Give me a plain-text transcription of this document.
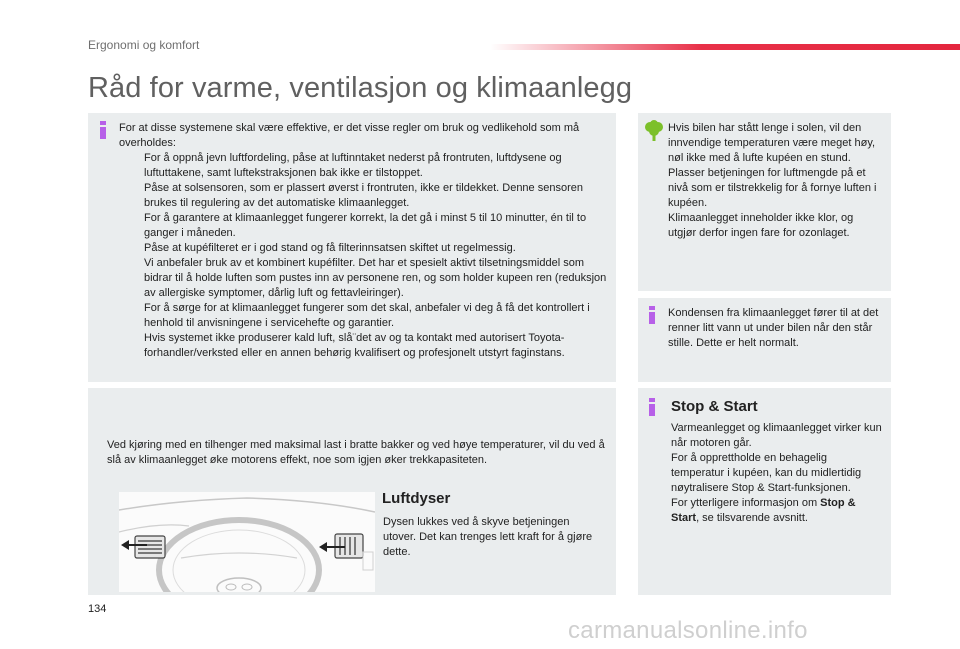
Ergonomi og komfort
Råd for varme, ventilasjon og klimaanlegg
For at disse systemene skal være effektive, er det visse regler om bruk og vedlikehold som må overholdes:
For å oppnå jevn luftfordeling, påse at luftinntaket nederst på frontruten, luftdysene og luftuttakene, samt luftekstraksjonen bak ikke er tilstoppet.
Påse at solsensoren, som er plassert øverst i frontruten, ikke er tildekket. Denne sensoren brukes til regulering av det automatiske klimaanlegget.
For å garantere at klimaanlegget fungerer korrekt, la det gå i minst 5 til 10 minutter, én til to ganger i måneden.
Påse at kupéfilteret er i god stand og få filterinnsatsen skiftet ut regelmessig.
Vi anbefaler bruk av et kombinert kupéfilter. Det har et spesielt aktivt tilsetningsmiddel som bidrar til å holde luften som pustes inn av personene ren, og som holder kupeen ren (reduksjon av allergiske symptomer, dårlig luft og fettavleiringer).
For å sørge for at klimaanlegget fungerer som det skal, anbefaler vi deg å få det kontrollert i henhold til anvisningene i servicehefte og garantier.
Hvis systemet ikke produserer kald luft, slå¨det av og ta kontakt med autorisert Toyota-forhandler/verksted eller en annen behørig kvalifisert og profesjonelt utstyrt faginstans.
Ved kjøring med en tilhenger med maksimal last i bratte bakker og ved høye temperaturer, vil du ved å slå av klimaanlegget øke motorens effekt, noe som igjen øker trekkapasiteten.
Luftdyser
Dysen lukkes ved å skyve betjeningen utover. Det kan trenges lett kraft for å gjøre dette.
Hvis bilen har stått lenge i solen, vil den innvendige temperaturen være meget høy, nøl ikke med å lufte kupéen en stund.
Plasser betjeningen for luftmengde på et nivå som er tilstrekkelig for å fornye luften i kupéen.
Klimaanlegget inneholder ikke klor, og utgjør derfor ingen fare for ozonlaget.
Kondensen fra klimaanlegget fører til at det renner litt vann ut under bilen når den står stille. Dette er helt normalt.
Stop & Start
Varmeanlegget og klimaanlegget virker kun når motoren går.
For å opprettholde en behagelig temperatur i kupéen, kan du midlertidig nøytralisere Stop & Start-funksjonen.
For ytterligere informasjon om Stop & Start, se tilsvarende avsnitt.
134
carmanualsonline.info
